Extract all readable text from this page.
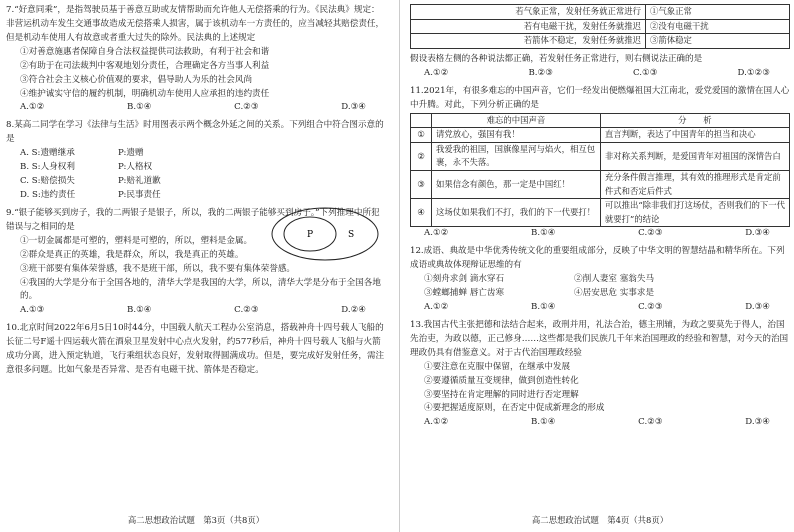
7.“好意同乘”，是指驾驶员基于善意互助或友情帮助而允许他人无偿搭乘的行为。《民法典》规定：非营运机动车发生交通事故造成无偿搭乘人损害，属于该机动车一方责任的，应当减轻其赔偿责任，但是机动车使用人有故意或者重大过失的除外。民法典的上述规定

①对善意施惠者保障自身合法权益提供司法救助，有利于社会和谐
②有助于在司法裁判中客观地划分责任，合理确定各方当事人利益
③符合社会主义核心价值观的要求，倡导助人为乐的社会风尚
④维护诚实守信的履约机制，明确机动车使用人应承担的违约责任
A.①②	B.①④	C.②③	D.③④

8.某高二同学在学习《法律与生活》时用图表示两个概念外延之间的关系。下列组合中符合图示意的是

A. S:遗赠继承	P:遗赠
B. S:人身权利	P:人格权
C. S:赔偿损失	P:赔礼道歉
D. S:违约责任	P:民事责任

9.“银子能够买到房子，我的二两银子是银子，所以，我的二两银子能够买到房子。”下列推理中所犯错误与之相同的是

①一切金属都是可塑的，塑料是可塑的，所以，塑料是金属。
②群众是真正的英雄，我是群众，所以，我是真正的英雄。
③班干部要有集体荣誉感，我不是班干部，所以，我不要有集体荣誉感。
④我国的大学是分布于全国各地的，清华大学是我国的大学，所以，清华大学是分布于全国各地的。
A.①③	B.①④	C.②③	D.②④

10.北京时间2022年6月5日10时44分，中国载人航天工程办公室消息，搭载神舟十四号载人飞船的长征二号F遥十四运载火箭在酒泉卫星发射中心点火发射，约577秒后，神舟十四号载人飞船与火箭成功分离，进入预定轨道，飞行乘组状态良好，发射取得圆满成功。但是，要完成好发射任务，需注意很多问题。比如气象是否异常、是否有电磁干扰、箭体是否稳定。

高二思想政治试题　第3页（共8页）
P	S
若气象正常，发射任务就正常进行	①气象正常
若有电磁干扰，发射任务就推迟	②没有电磁干扰
若箭体不稳定，发射任务就推迟	③箭体稳定

假设表格左侧的各种说法都正确，若发射任务正常进行，则右侧说法正确的是

A.①②	B.②③	C.①③	D.①②③

11.2021年，有很多难忘的中国声音，它们一经发出便燃爆祖国大江南北，爱党爱国的激情在国人心中升腾。对此，下列分析正确的是

	难忘的中国声音	分　　析
①	请党放心，强国有我！	直言判断，表达了中国青年的担当和决心
②	我爱我的祖国，国旗像星河与焰火，相互包裹，永不失落。	非对称关系判断，是爱国青年对祖国的深情告白
③	如果信念有颜色，那一定是中国红！	充分条件假言推理，其有效的推理形式是肯定前件式和否定后件式
④	这场仗如果我们不打，我们的下一代要打！	可以推出“除非我们打这场仗，否则我们的下一代就要打”的结论
A.①②	B.①④	C.②③	D.③④

12.成语、典故是中华优秀传统文化的重要组成部分，反映了中华文明的智慧结晶和精华所在。下列成语或典故体现辩证思维的有

①刻舟求剑 滴水穿石	②削人妻室 塞翁失马
③螳螂捕蝉 唇亡齿寒	④居安思危 实事求是
A.①②	B.①④	C.②③	D.③④

13.我国古代主张把德和法结合起来，政刑并用，礼法合治，德主刑辅，为政之要莫先于得人，治国先治吏，为政以德，正己修身……这些都是我们民族几千年来治国理政的经验和智慧，对今天的治国理政仍具有借鉴意义。对于古代治国理政经验

①要注意在克服中保留，在继承中发展
②要遵循质量互变规律，做到创造性转化
③要坚持在肯定理解的同时进行否定理解
④要把握适度原则，在否定中促成新理念的形成
A.①②	B.①④	C.②③	D.③④
高二思想政治试题　第4页（共8页）
